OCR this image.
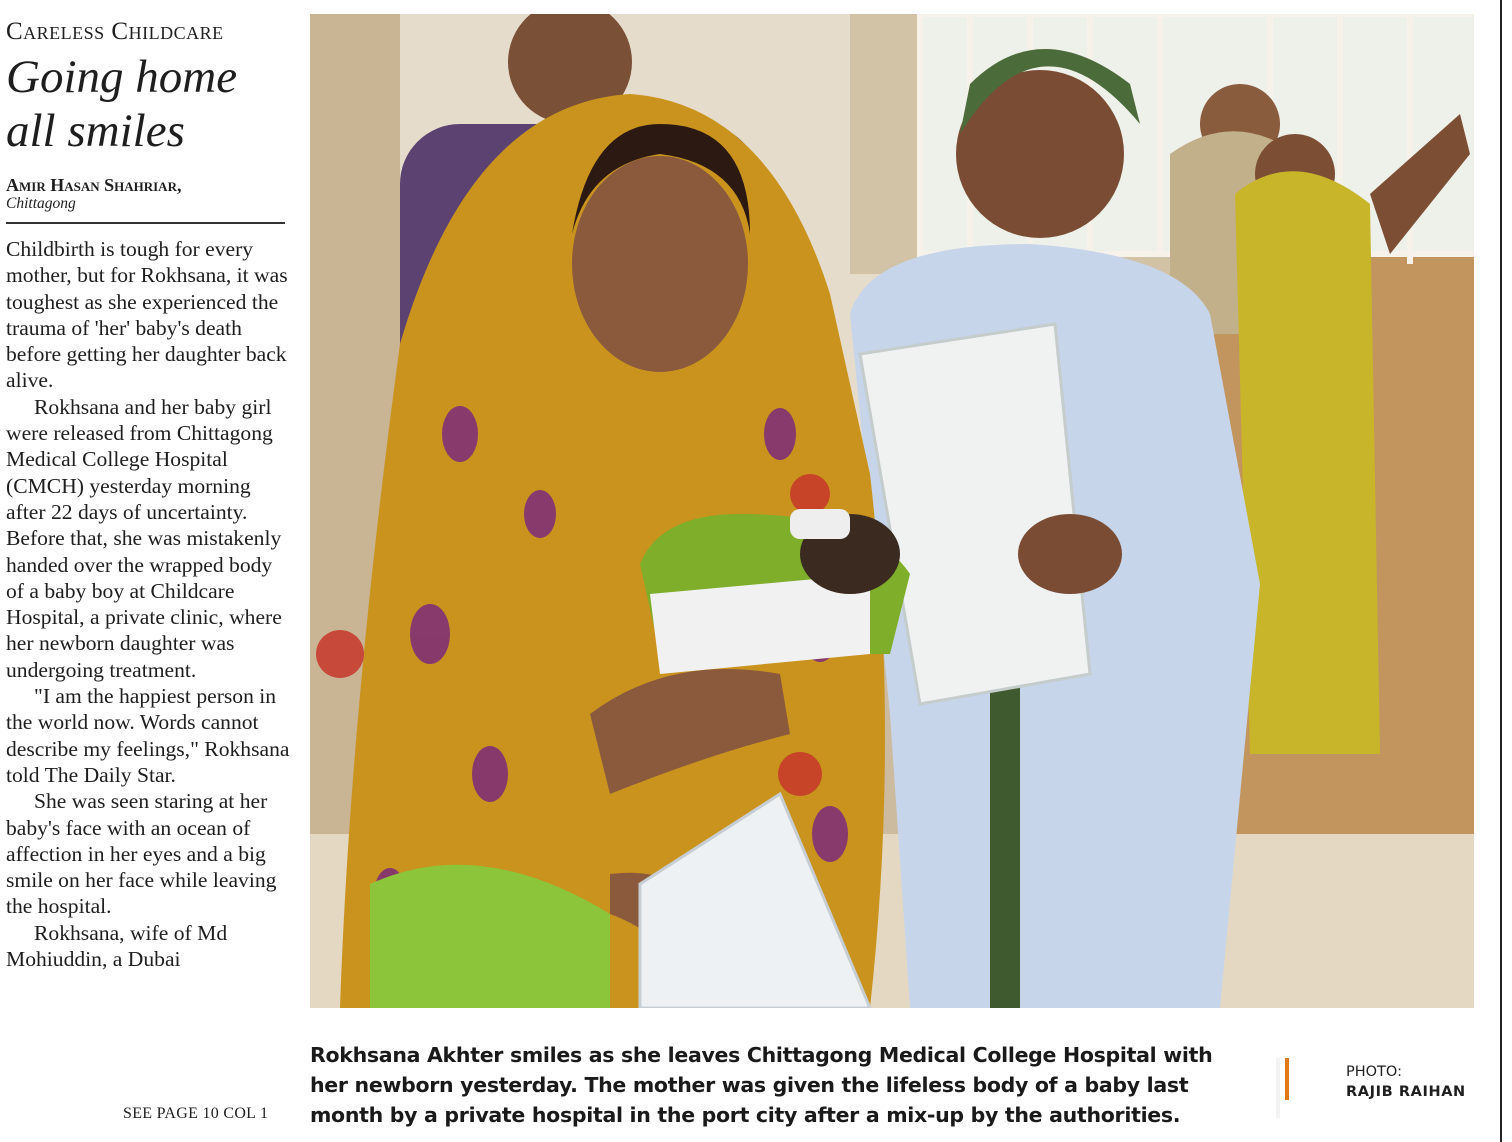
Careless Childcare
Going home all smiles
Amir Hasan Shahriar,
Chittagong

Childbirth is tough for every mother, but for Rokhsana, it was toughest as she experienced the trauma of 'her' baby's death before getting her daughter back alive.

Rokhsana and her baby girl were released from Chittagong Medical College Hospital (CMCH) yesterday morning after 22 days of uncertainty. Before that, she was mistakenly handed over the wrapped body of a baby boy at Childcare Hospital, a private clinic, where her newborn daughter was undergoing treatment.

"I am the happiest person in the world now. Words cannot describe my feelings," Rokhsana told The Daily Star.

She was seen staring at her baby's face with an ocean of affection in her eyes and a big smile on her face while leaving the hospital.

Rokhsana, wife of Md Mohiuddin, a Dubai

SEE PAGE 10 COL 1
Rokhsana Akhter smiles as she leaves Chittagong Medical College Hospital with her newborn yesterday. The mother was given the lifeless body of a baby last month by a private hospital in the port city after a mix-up by the authorities.
PHOTO:
RAJIB RAIHAN
